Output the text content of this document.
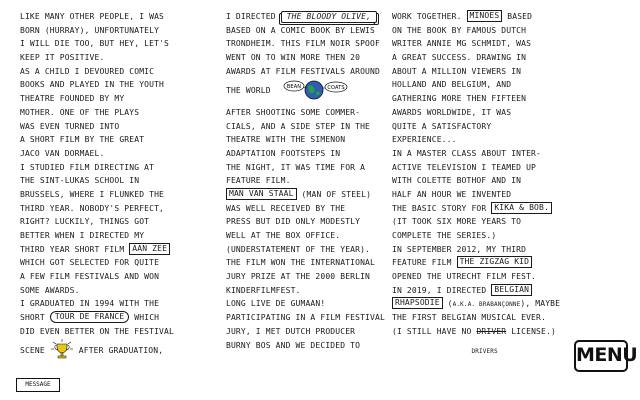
LIKE MANY OTHER PEOPLE, I WAS
BORN (HURRAY), UNFORTUNATELY
I WILL DIE TOO, BUT HEY, LET'S
KEEP IT POSITIVE.
AS A CHILD I DEVOURED COMIC
BOOKS AND PLAYED IN THE YOUTH
THEATRE FOUNDED BY MY
MOTHER. ONE OF THE PLAYS
WAS EVEN TURNED INTO
A SHORT FILM BY THE GREAT
JACO VAN DORMAEL.
I STUDIED FILM DIRECTING AT
THE SINT-LUKAS SCHOOL IN
BRUSSELS, WHERE I FLUNKED THE
THIRD YEAR. NOBODY'S PERFECT,
RIGHT? LUCKILY, THINGS GOT
BETTER WHEN I DIRECTED MY
THIRD YEAR SHORT FILM AAN ZEE
WHICH GOT SELECTED FOR QUITE
A FEW FILM FESTIVALS AND WON
SOME AWARDS.
I GRADUATED IN 1994 WITH THE
SHORT TOUR DE FRANCE WHICH
DID EVEN BETTER ON THE FESTIVAL
SCENE	AFTER GRADUATION,
I DIRECTED THE BLOODY OLIVE,
BASED ON A COMIC BOOK BY LEWIS
TRONDHEIM. THIS FILM NOIR SPOOF
WENT ON TO WIN MORE THEN 20
AWARDS AT FILM FESTIVALS AROUND
THE WORLD BEAN	COATS
AFTER SHOOTING SOME COMMER-
CIALS, AND A SIDE STEP IN THE
THEATRE WITH THE SIMENON
ADAPTATION FOOTSTEPS IN
THE NIGHT, IT WAS TIME FOR A
FEATURE FILM.
MAN VAN STAAL (MAN OF STEEL)
WAS WELL RECEIVED BY THE
PRESS BUT DID ONLY MODESTLY
WELL AT THE BOX OFFICE.
(UNDERSTATEMENT OF THE YEAR).
THE FILM WON THE INTERNATIONAL
JURY PRIZE AT THE 2000 BERLIN
KINDERFILMFEST.
LONG LIVE DE GUMAAN!
PARTICIPATING IN A FILM FESTIVAL
JURY, I MET DUTCH PRODUCER
BURNY BOS AND WE DECIDED TO
WORK TOGETHER. MINOES BASED
ON THE BOOK BY FAMOUS DUTCH
WRITER ANNIE MG SCHMIDT, WAS
A GREAT SUCCESS. DRAWING IN
ABOUT A MILLION VIEWERS IN
HOLLAND AND BELGIUM, AND
GATHERING MORE THEN FIFTEEN
AWARDS WORLDWIDE, IT WAS
QUITE A SATISFACTORY
EXPERIENCE...
IN A MASTER CLASS ABOUT INTER-
ACTIVE TELEVISION I TEAMED UP
WITH COLETTE BOTHOF AND IN
HALF AN HOUR WE INVENTED
THE BASIC STORY FOR KIKA & BOB.
(IT TOOK SIX MORE YEARS TO
COMPLETE THE SERIES.)
IN SEPTEMBER 2012, MY THIRD
FEATURE FILM THE ZIGZAG KID
OPENED THE UTRECHT FILM FEST.
IN 2019, I DIRECTED BELGIAN
RHAPSODIE (A.K.A. BRABANÇONNE), MAYBE
THE FIRST BELGIAN MUSICAL EVER.
(I STILL HAVE NO DRIVER LICENSE.)
$_{DRIVERS}$	MENU
MESSAGE
